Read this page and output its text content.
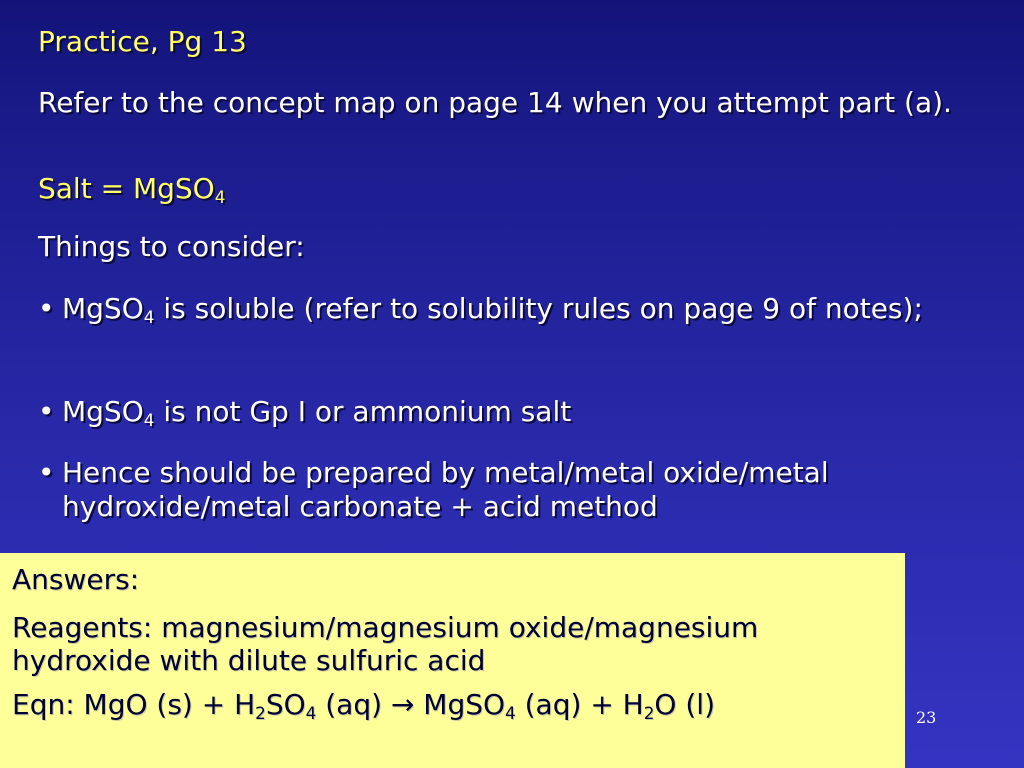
Practice, Pg 13

Refer to the concept map on page 14 when you attempt part (a).

Salt = MgSO$_4$

Things to consider:

• MgSO$_4$ is soluble (refer to solubility rules on page 9 of notes);

• MgSO$_4$ is not Gp I or ammonium salt

• Hence should be prepared by metal/metal oxide/metal hydroxide/metal carbonate + acid method

Answers:

Reagents: magnesium/magnesium oxide/magnesium hydroxide with dilute sulfuric acid

Eqn: MgO $(s) + H_2SO_4$ (aq) → MgSO$_4$ $(aq) + H_2O$ (l)	23
